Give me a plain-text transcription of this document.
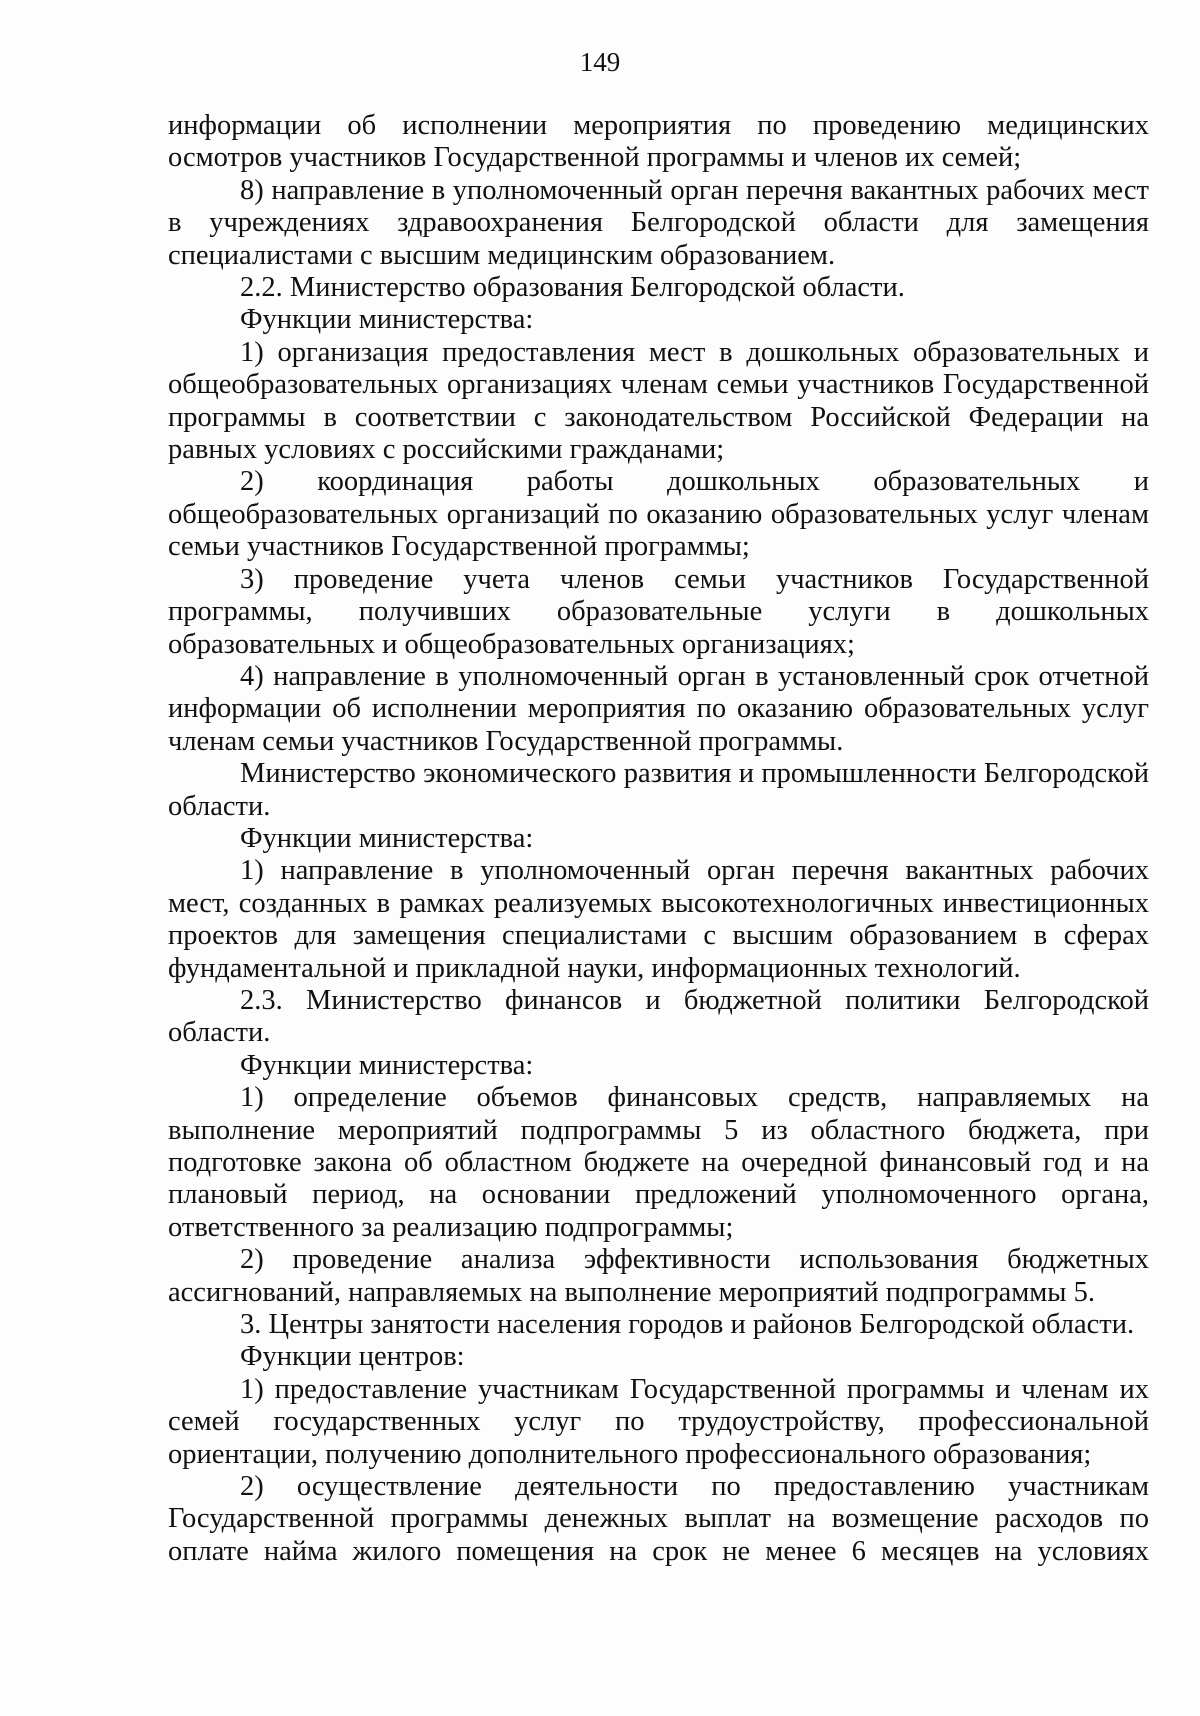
149

информации об исполнении мероприятия по проведению медицинских осмотров участников Государственной программы и членов их семей;

8) направление в уполномоченный орган перечня вакантных рабочих мест в учреждениях здравоохранения Белгородской области для замещения специалистами с высшим медицинским образованием.

2.2. Министерство образования Белгородской области.

Функции министерства:

1) организация предоставления мест в дошкольных образовательных и общеобразовательных организациях членам семьи участников Государственной программы в соответствии с законодательством Российской Федерации на равных условиях с российскими гражданами;

2) координация работы дошкольных образовательных и общеобразовательных организаций по оказанию образовательных услуг членам семьи участников Государственной программы;

3) проведение учета членов семьи участников Государственной программы, получивших образовательные услуги в дошкольных образовательных и общеобразовательных организациях;

4) направление в уполномоченный орган в установленный срок отчетной информации об исполнении мероприятия по оказанию образовательных услуг членам семьи участников Государственной программы.

Министерство экономического развития и промышленности Белгородской области.

Функции министерства:

1) направление в уполномоченный орган перечня вакантных рабочих мест, созданных в рамках реализуемых высокотехнологичных инвестиционных проектов для замещения специалистами с высшим образованием в сферах фундаментальной и прикладной науки, информационных технологий.

2.3. Министерство финансов и бюджетной политики Белгородской области.

Функции министерства:

1) определение объемов финансовых средств, направляемых на выполнение мероприятий подпрограммы 5 из областного бюджета, при подготовке закона об областном бюджете на очередной финансовый год и на плановый период, на основании предложений уполномоченного органа, ответственного за реализацию подпрограммы;

2) проведение анализа эффективности использования бюджетных ассигнований, направляемых на выполнение мероприятий подпрограммы 5.

3. Центры занятости населения городов и районов Белгородской области.

Функции центров:

1) предоставление участникам Государственной программы и членам их семей государственных услуг по трудоустройству, профессиональной ориентации, получению дополнительного профессионального образования;

2) осуществление деятельности по предоставлению участникам Государственной программы денежных выплат на возмещение расходов по оплате найма жилого помещения на срок не менее 6 месяцев на условиях
